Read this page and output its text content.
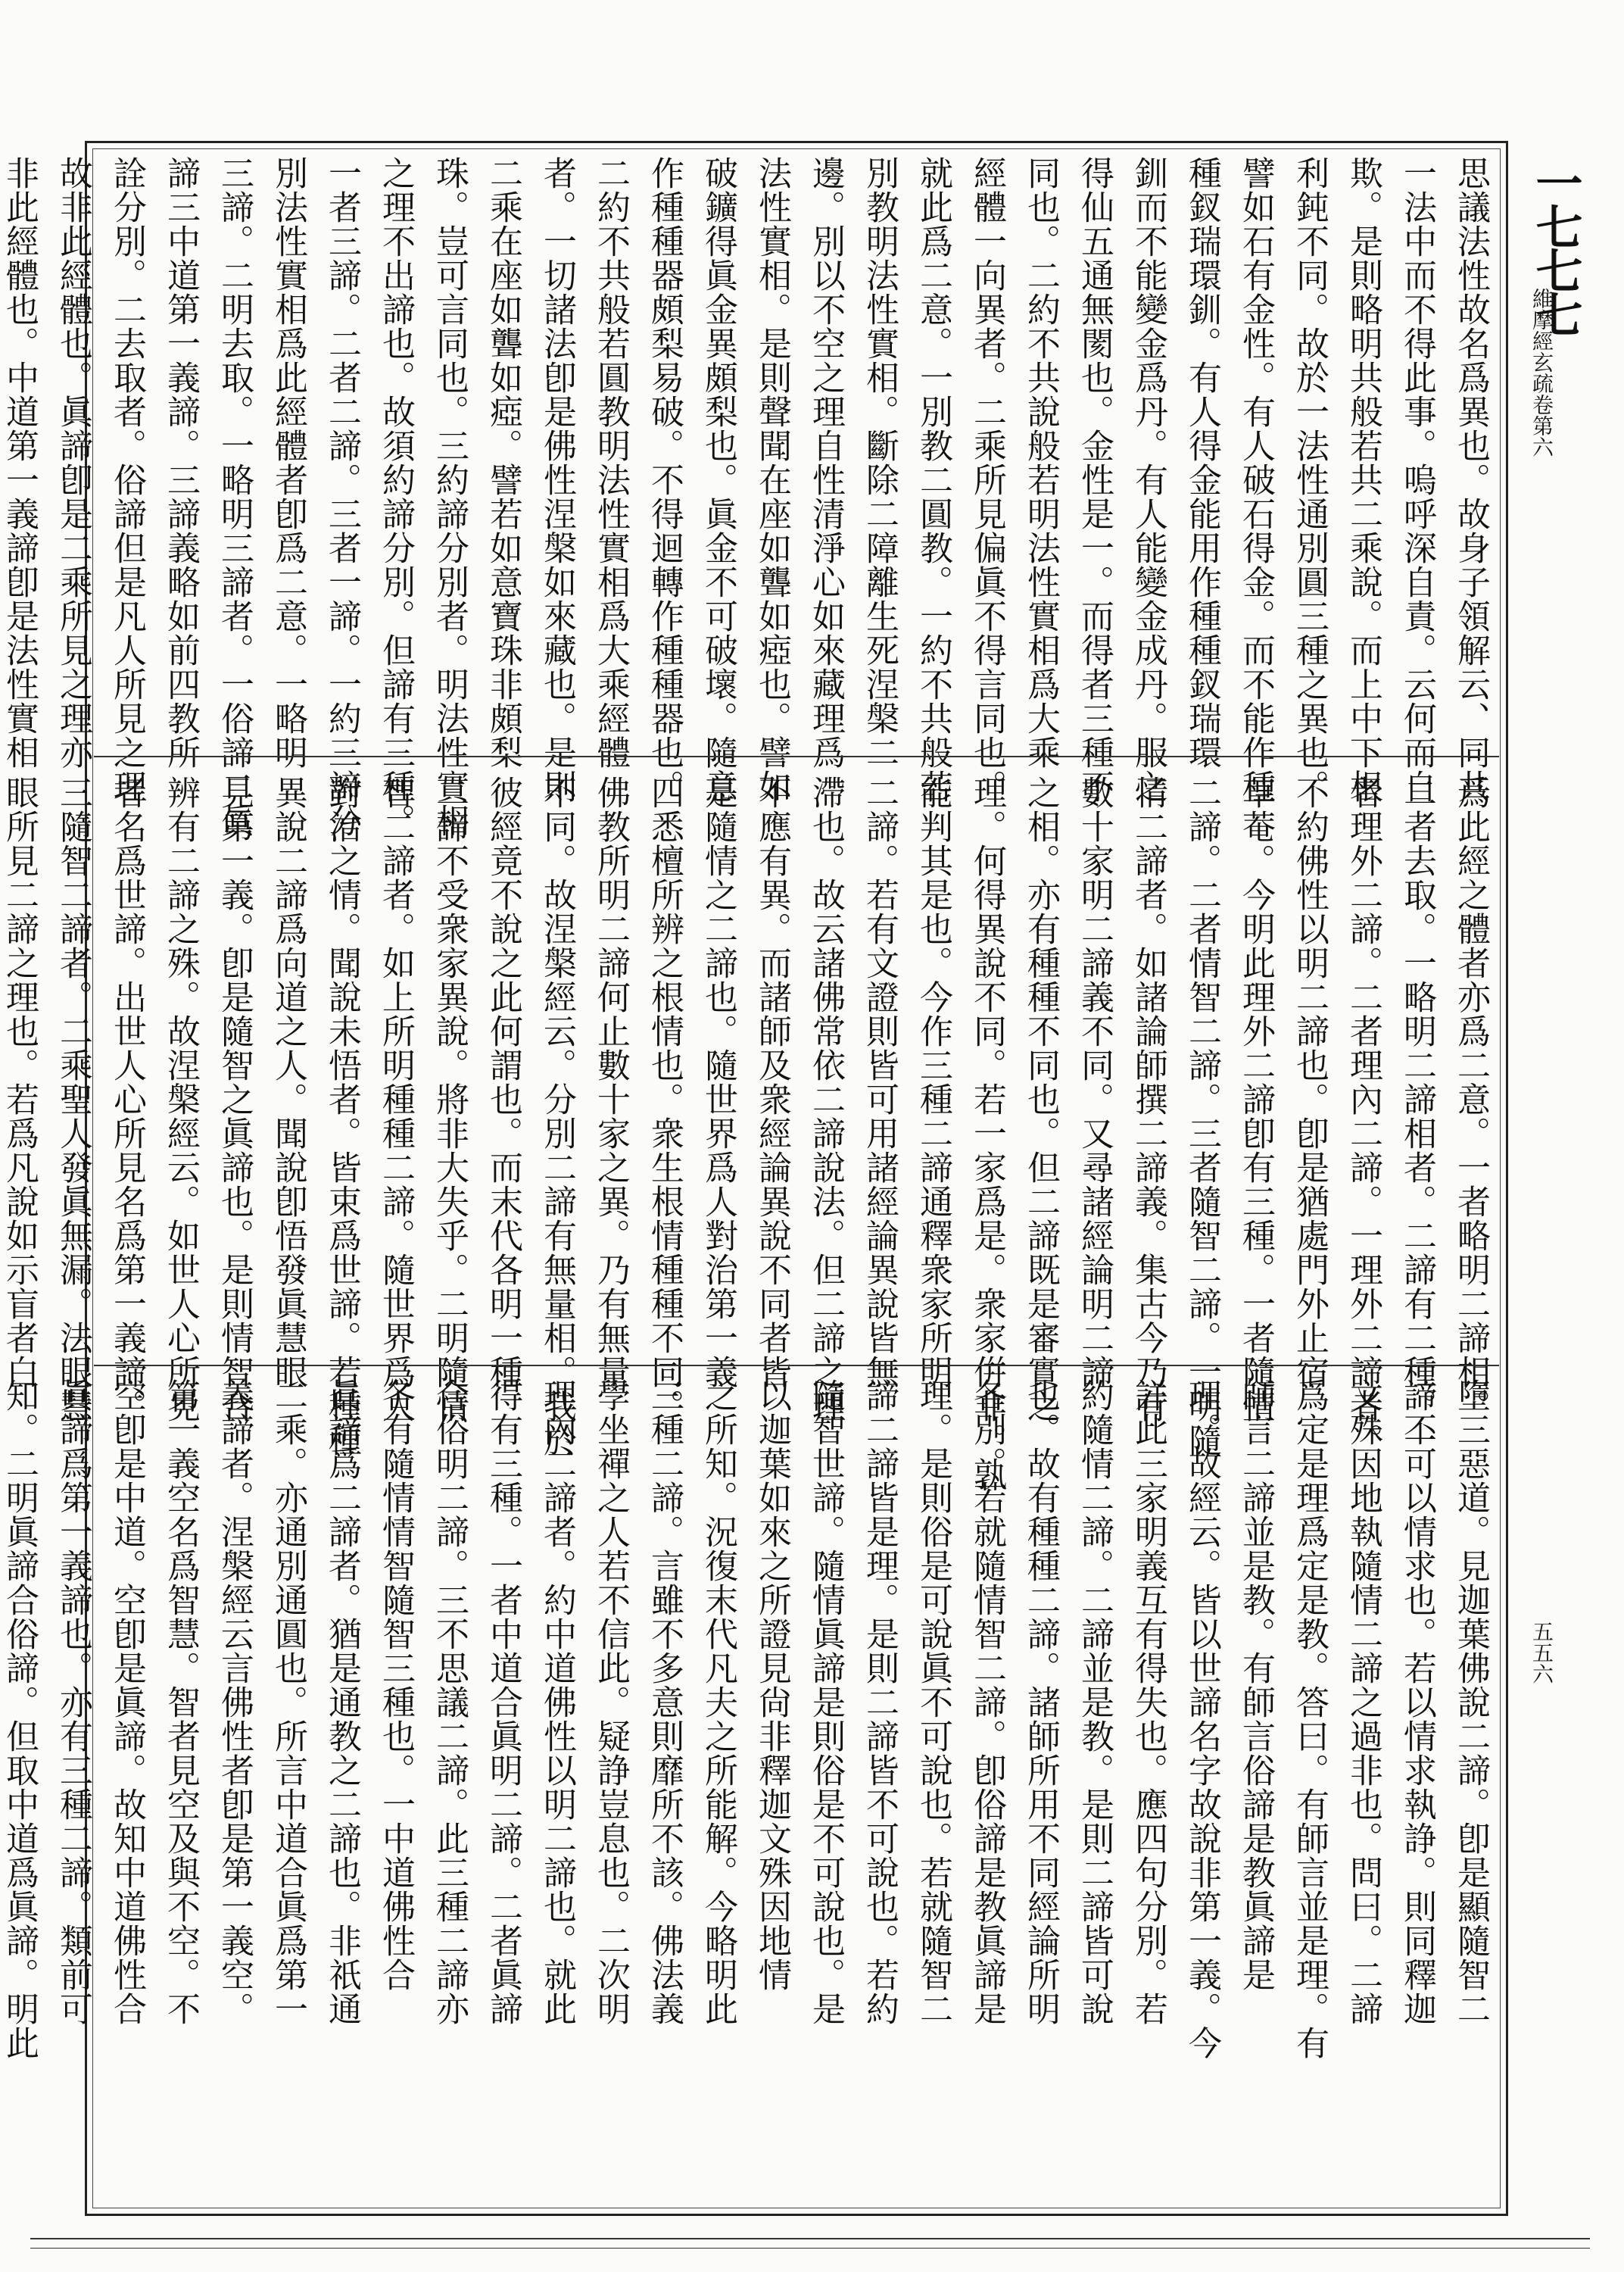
一七七七
維摩經玄疏卷第六
五五六
思議法性故名爲異也。故身子領解云、同共
一法中而不得此事。嗚呼深自責。云何而自
欺。是則略明共般若共二乘說。而上中下根
利鈍不同。故於一法性通別圓三種之異也。
譬如石有金性。有人破石得金。而不能作種
種釵瑞環釧。有人得金能用作種種釵瑞環
釧而不能變金爲丹。有人能變金成丹。服之
得仙五通無閡也。金性是一。而得者三種不
同也。二約不共說般若明法性實相爲大乘
經體一向異者。二乘所見偏眞不得言同也。
就此爲二意。一別教二圓教。一約不共般若
別教明法性實相。斷除二障離生死涅槃二
邊。別以不空之理自性清淨心如來藏理爲
法性實相。是則聲聞在座如聾如瘂也。譬如
破鑛得眞金異頗梨也。眞金不可破壞。隨意
作種種器頗梨易破。不得迴轉作種種器也。
二約不共般若圓教明法性實相爲大乘經體
者。一切諸法卽是佛性涅槃如來藏也。是則
二乘在座如聾如瘂。譬若如意寶珠非頗梨
珠。豈可言同也。三約諦分別者。明法性實相
之理不出諦也。故須約諦分別。但諦有三種。
一者三諦。二者二諦。三者一諦。一約三諦分
別法性實相爲此經體者卽爲二意。一略明
三諦。二明去取。一略明三諦者。一俗諦二眞
諦三中道第一義諦。三諦義略如前四教所
詮分別。二去取者。俗諦但是凡人所見之理
故非此經體也。眞諦卽是二乘所見之理亦
非此經體也。中道第一義諦卽是法性實相
爲此經之體者亦爲二意。一者略明二諦相。
二者去取。一略明二諦相者。二諦有二種。一
者理外二諦。二者理內二諦。一理外二諦者。
不約佛性以明二諦也。卽是猶處門外止宿
草菴。今明此理外二諦卽有三種。一者隨情
二諦。二者情智二諦。三者隨智二諦。一明隨
情二諦者。如諸論師撰二諦義。集古今乃有
數十家明二諦義不同。又尋諸經論明二諦
之相。亦有種種不同也。但二諦既是審實之
理。何得異說不同。若一家爲是。衆家倂非。孰
能判其是也。今作三種二諦通釋衆家所明
二諦。若有文證則皆可用諸經論異說皆無
滯也。故云諸佛常依二諦說法。但二諦之理
不應有異。而諸師及衆經論異說不同者皆
是隨情之二諦也。隨世界爲人對治第一義
四悉檀所辨之根情也。衆生根情種種不同。
佛教所明二諦何止數十家之異。乃有無量
不同。故涅槃經云。分別二諦有無量相。我於
彼經竟不說之此何謂也。而末代各明一種
二諦不受衆家異說。將非大失乎。二明隨情
智二諦者。如上所明種種二諦。隨世界爲人
對治之情。聞說未悟者。皆束爲世諦。若種種
異說二諦爲向道之人。聞說卽悟發眞慧眼
見第一義。卽是隨智之眞諦也。是則情智合
辨有二諦之殊。故涅槃經云。如世人心所見
者名爲世諦。出世人心所見名爲第一義諦。
三隨智二諦者。二乘聖人發眞無漏。法眼慧
眼所見二諦之理也。若爲凡說如示盲者白
墮三惡道。見迦葉佛說二諦。卽是顯隨智二
諦不可以情求也。若以情求執諍。則同釋迦
文殊因地執隨情二諦之過非也。問曰。二諦
爲定是理爲定是教。答曰。有師言並是理。有
師言二諦並是教。有師言俗諦是教眞諦是
理。故經云。皆以世諦名字故說非第一義。今
詳此三家明義互有得失也。應四句分別。若
約隨情二諦。二諦並是教。是則二諦皆可說
也。故有種種二諦。諸師所用不同經論所明
各別。若就隨情智二諦。卽俗諦是教眞諦是
理。是則俗是可說眞不可說也。若就隨智二
諦二諦皆是理。是則二諦皆不可說也。若約
隨智世諦。隨情眞諦是則俗是不可說也。是
以迦葉如來之所證見尙非釋迦文殊因地情
之所知。況復末代凡夫之所能解。今略明此
三種二諦。言雖不多意則靡所不該。佛法義
學坐禪之人若不信此。疑諍豈息也。二次明
理內二諦者。約中道佛性以明二諦也。就此
得有三種。一者中道合眞明二諦。二者眞諦
合俗明二諦。三不思議二諦。此三種二諦亦
各有隨情情智隨智三種也。一中道佛性合
眞諦爲二諦者。猶是通教之二諦也。非祇通
二乘。亦通別通圓也。所言中道合眞爲第一
義諦者。涅槃經云言佛性者卽是第一義空。
第一義空名爲智慧。智者見空及與不空。不
空卽是中道。空卽是眞諦。故知中道佛性合
眞諦爲第一義諦也。亦有三種二諦。類前可
知。二明眞諦合俗諦。但取中道爲眞諦。明此
